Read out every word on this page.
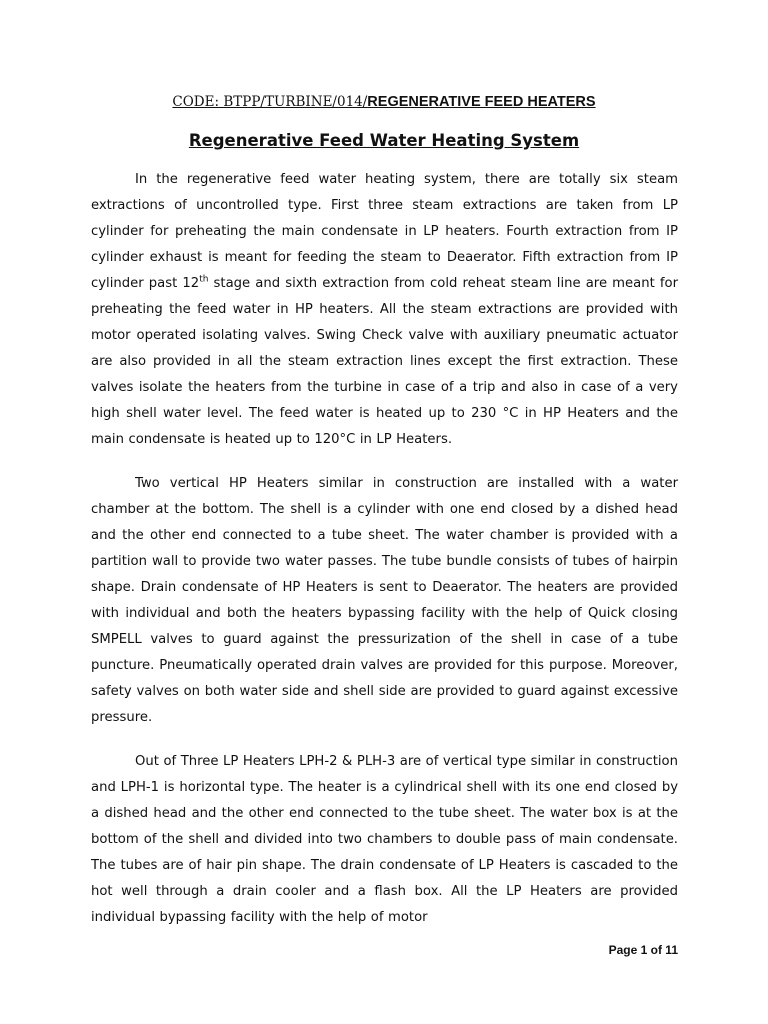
CODE: BTPP/TURBINE/014/REGENERATIVE FEED HEATERS
Regenerative Feed Water Heating System

In the regenerative feed water heating system, there are totally six steam extractions of uncontrolled type. First three steam extractions are taken from LP cylinder for preheating the main condensate in LP heaters. Fourth extraction from IP cylinder exhaust is meant for feeding the steam to Deaerator. Fifth extraction from IP cylinder past 12th stage and sixth extraction from cold reheat steam line are meant for preheating the feed water in HP heaters. All the steam extractions are provided with motor operated isolating valves. Swing Check valve with auxiliary pneumatic actuator are also provided in all the steam extraction lines except the first extraction. These valves isolate the heaters from the turbine in case of a trip and also in case of a very high shell water level. The feed water is heated up to 230 °C in HP Heaters and the main condensate is heated up to 120°C in LP Heaters.

Two vertical HP Heaters similar in construction are installed with a water chamber at the bottom. The shell is a cylinder with one end closed by a dished head and the other end connected to a tube sheet. The water chamber is provided with a partition wall to provide two water passes. The tube bundle consists of tubes of hairpin shape. Drain condensate of HP Heaters is sent to Deaerator. The heaters are provided with individual and both the heaters bypassing facility with the help of Quick closing SMPELL valves to guard against the pressurization of the shell in case of a tube puncture. Pneumatically operated drain valves are provided for this purpose. Moreover, safety valves on both water side and shell side are provided to guard against excessive pressure.

Out of Three LP Heaters LPH-2 & PLH-3 are of vertical type similar in construction and LPH-1 is horizontal type. The heater is a cylindrical shell with its one end closed by a dished head and the other end connected to the tube sheet. The water box is at the bottom of the shell and divided into two chambers to double pass of main condensate. The tubes are of hair pin shape. The drain condensate of LP Heaters is cascaded to the hot well through a drain cooler and a flash box. All the LP Heaters are provided individual bypassing facility with the help of motor

Page 1 of 11
